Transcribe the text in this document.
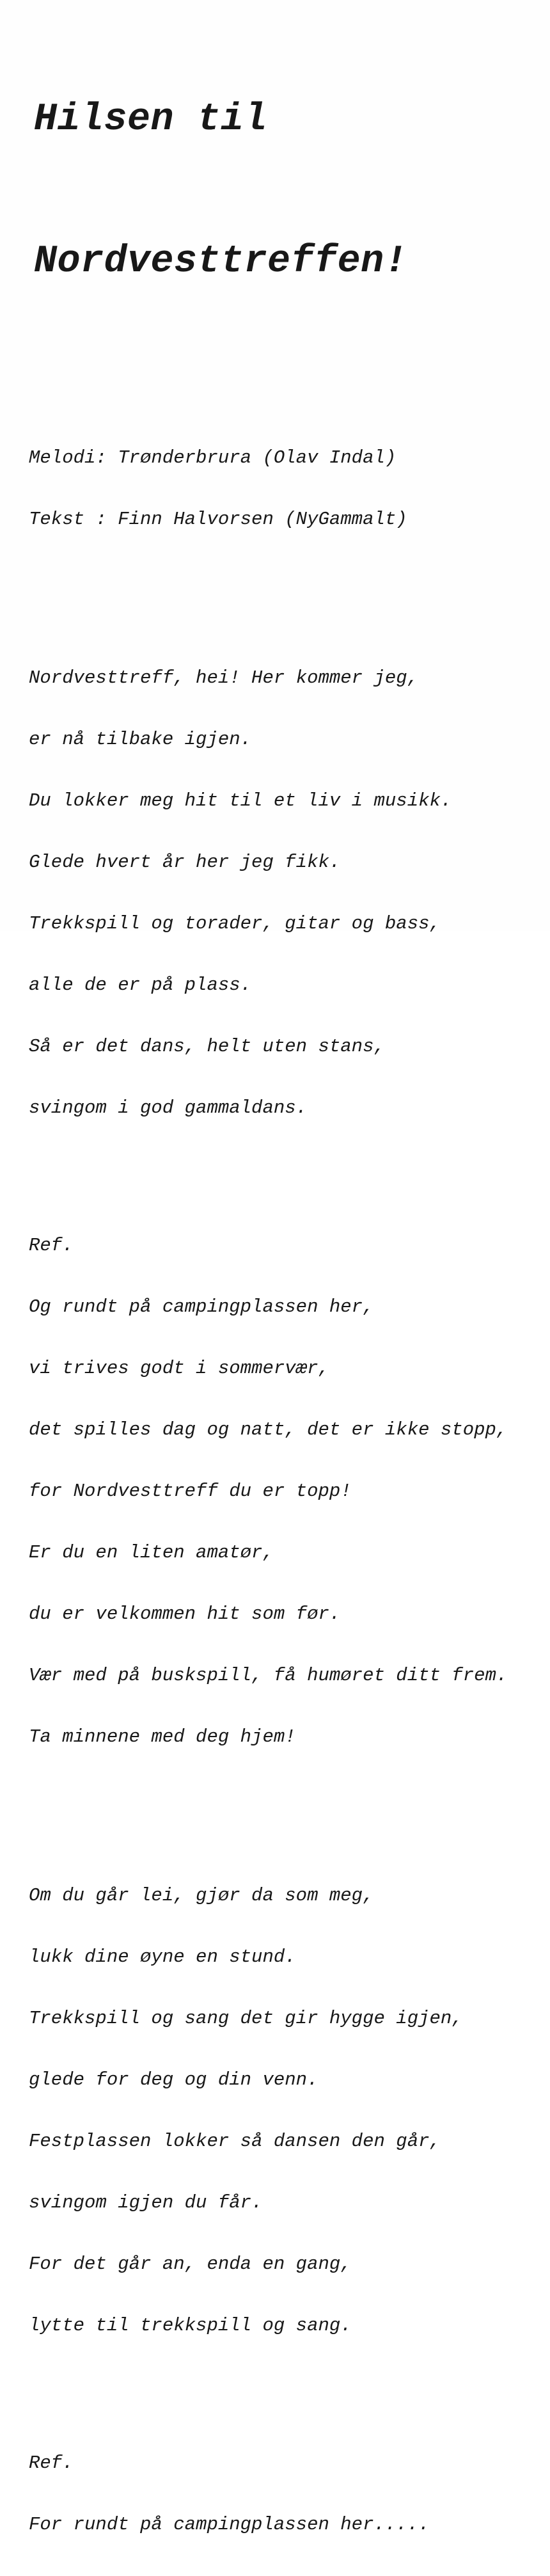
Hilsen til

Nordvesttreffen!

Melodi: Trønderbrura (Olav Indal)

Tekst : Finn Halvorsen (NyGammalt)

Nordvesttreff, hei! Her kommer jeg,

er nå tilbake igjen.

Du lokker meg hit til et liv i musikk.

Glede hvert år her jeg fikk.

Trekkspill og torader, gitar og bass,

alle de er på plass.

Så er det dans, helt uten stans,

svingom i god gammaldans.

Ref.

Og rundt på campingplassen her,

vi trives godt i sommervær,

det spilles dag og natt, det er ikke stopp,

for Nordvesttreff du er topp!

Er du en liten amatør,

du er velkommen hit som før.

Vær med på buskspill, få humøret ditt frem.

Ta minnene med deg hjem!

Om du går lei, gjør da som meg,

lukk dine øyne en stund.

Trekkspill og sang det gir hygge igjen,

glede for deg og din venn.

Festplassen lokker så dansen den går,

svingom igjen du får.

For det går an, enda en gang,

lytte til trekkspill og sang.

Ref.

For rundt på campingplassen her.....
